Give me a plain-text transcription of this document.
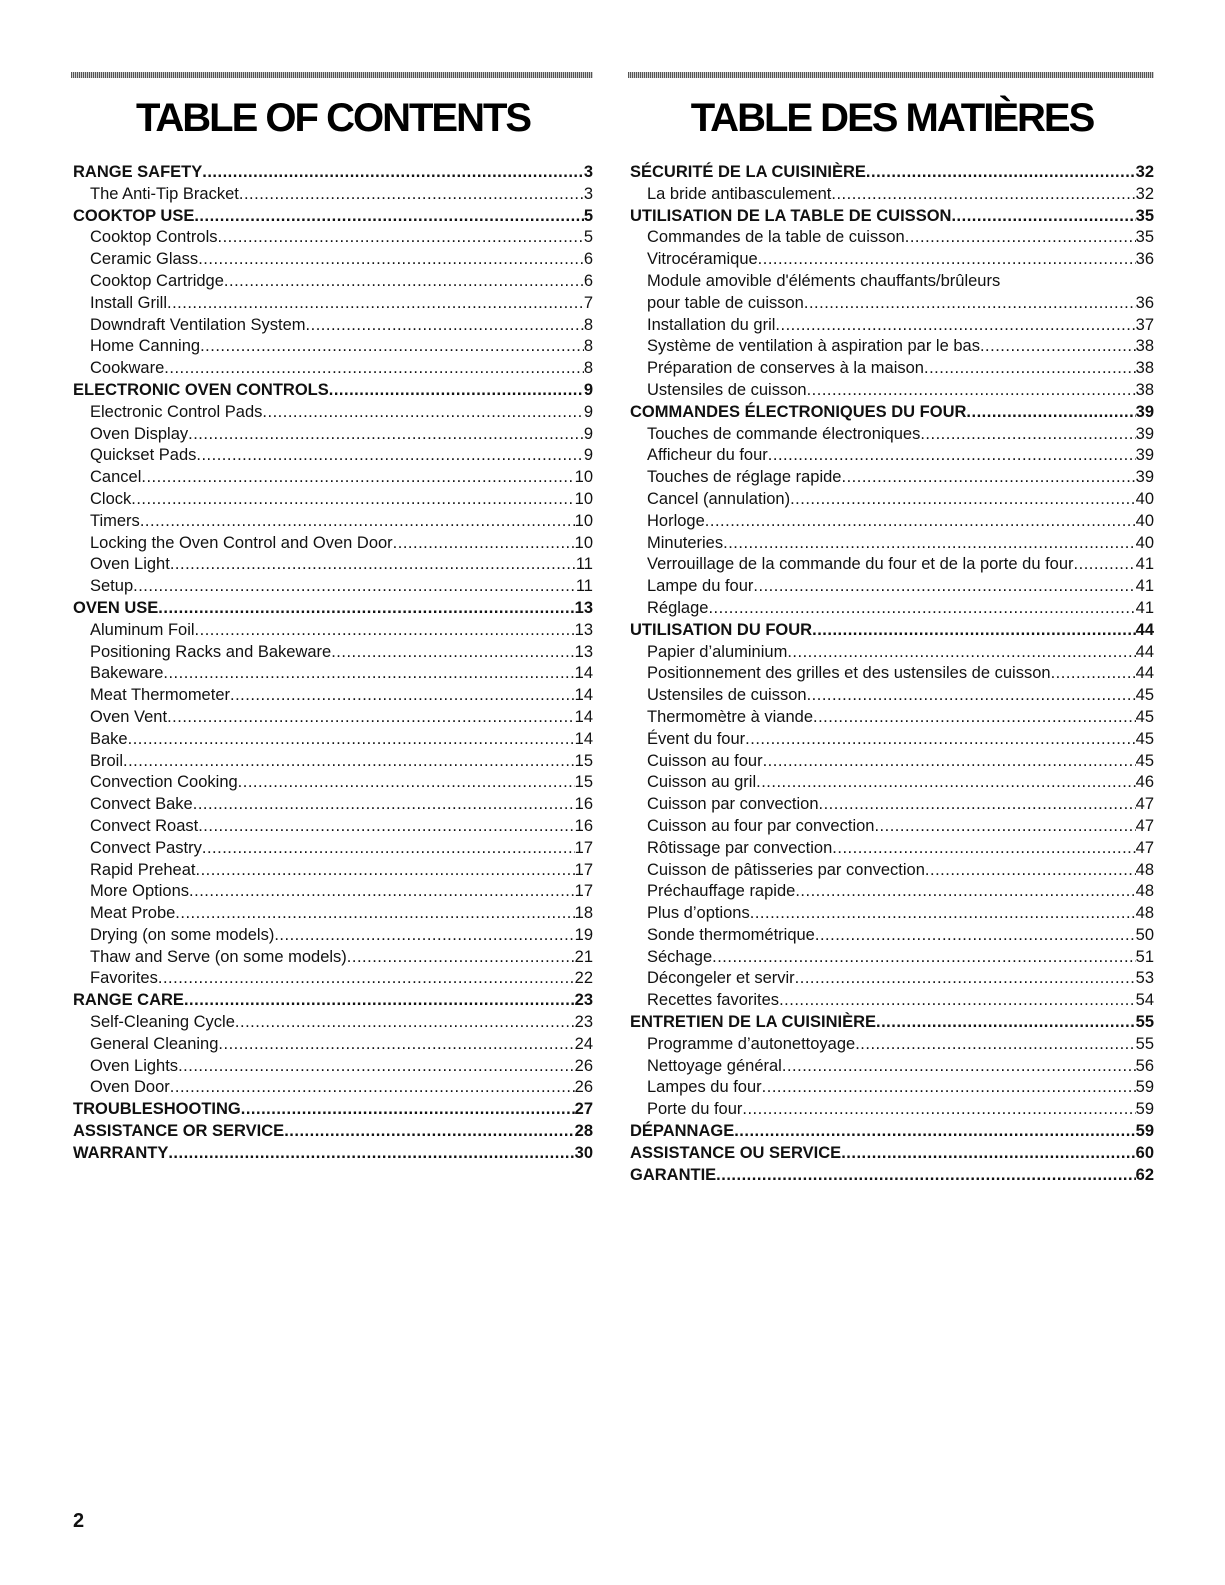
TABLE OF CONTENTS
RANGE SAFETY .....	3
The Anti-Tip Bracket .....	3
COOKTOP USE .....	5
Cooktop Controls .....	5
Ceramic Glass .....	6
Cooktop Cartridge .....	6
Install Grill .....	7
Downdraft Ventilation System .....	8
Home Canning .....	8
Cookware .....	8
ELECTRONIC OVEN CONTROLS .....	9
Electronic Control Pads .....	9
Oven Display .....	9
Quickset Pads .....	9
Cancel .....	10
Clock .....	10
Timers .....	10
Locking the Oven Control and Oven Door .....	10
Oven Light .....	11
Setup .....	11
OVEN USE .....	13
Aluminum Foil .....	13
Positioning Racks and Bakeware .....	13
Bakeware .....	14
Meat Thermometer .....	14
Oven Vent .....	14
Bake .....	14
Broil .....	15
Convection Cooking .....	15
Convect Bake .....	16
Convect Roast .....	16
Convect Pastry .....	17
Rapid Preheat .....	17
More Options .....	17
Meat Probe .....	18
Drying (on some models) .....	19
Thaw and Serve (on some models) .....	21
Favorites .....	22
RANGE CARE .....	23
Self-Cleaning Cycle .....	23
General Cleaning .....	24
Oven Lights .....	26
Oven Door .....	26
TROUBLESHOOTING .....	27
ASSISTANCE OR SERVICE .....	28
WARRANTY .....	30
TABLE DES MATIÈRES
SÉCURITÉ DE LA CUISINIÈRE .....	32
La bride antibasculement .....	32
UTILISATION DE LA TABLE DE CUISSON .....	35
Commandes de la table de cuisson .....	35
Vitrocéramique .....	36
Module amovible d'éléments chauffants/brûleurs
pour table de cuisson .....	36
Installation du gril .....	37
Système de ventilation à aspiration par le bas .....	38
Préparation de conserves à la maison .....	38
Ustensiles de cuisson .....	38
COMMANDES ÉLECTRONIQUES DU FOUR .....	39
Touches de commande électroniques .....	39
Afficheur du four .....	39
Touches de réglage rapide .....	39
Cancel (annulation) .....	40
Horloge .....	40
Minuteries .....	40
Verrouillage de la commande du four et de la porte du four .....	41
Lampe du four .....	41
Réglage .....	41
UTILISATION DU FOUR .....	44
Papier d’aluminium .....	44
Positionnement des grilles et des ustensiles de cuisson .....	44
Ustensiles de cuisson .....	45
Thermomètre à viande .....	45
Évent du four .....	45
Cuisson au four .....	45
Cuisson au gril .....	46
Cuisson par convection .....	47
Cuisson au four par convection .....	47
Rôtissage par convection .....	47
Cuisson de pâtisseries par convection .....	48
Préchauffage rapide .....	48
Plus d’options .....	48
Sonde thermométrique .....	50
Séchage .....	51
Décongeler et servir .....	53
Recettes favorites .....	54
ENTRETIEN DE LA CUISINIÈRE .....	55
Programme d’autonettoyage .....	55
Nettoyage général .....	56
Lampes du four .....	59
Porte du four .....	59
DÉPANNAGE .....	59
ASSISTANCE OU SERVICE .....	60
GARANTIE .....	62
2
